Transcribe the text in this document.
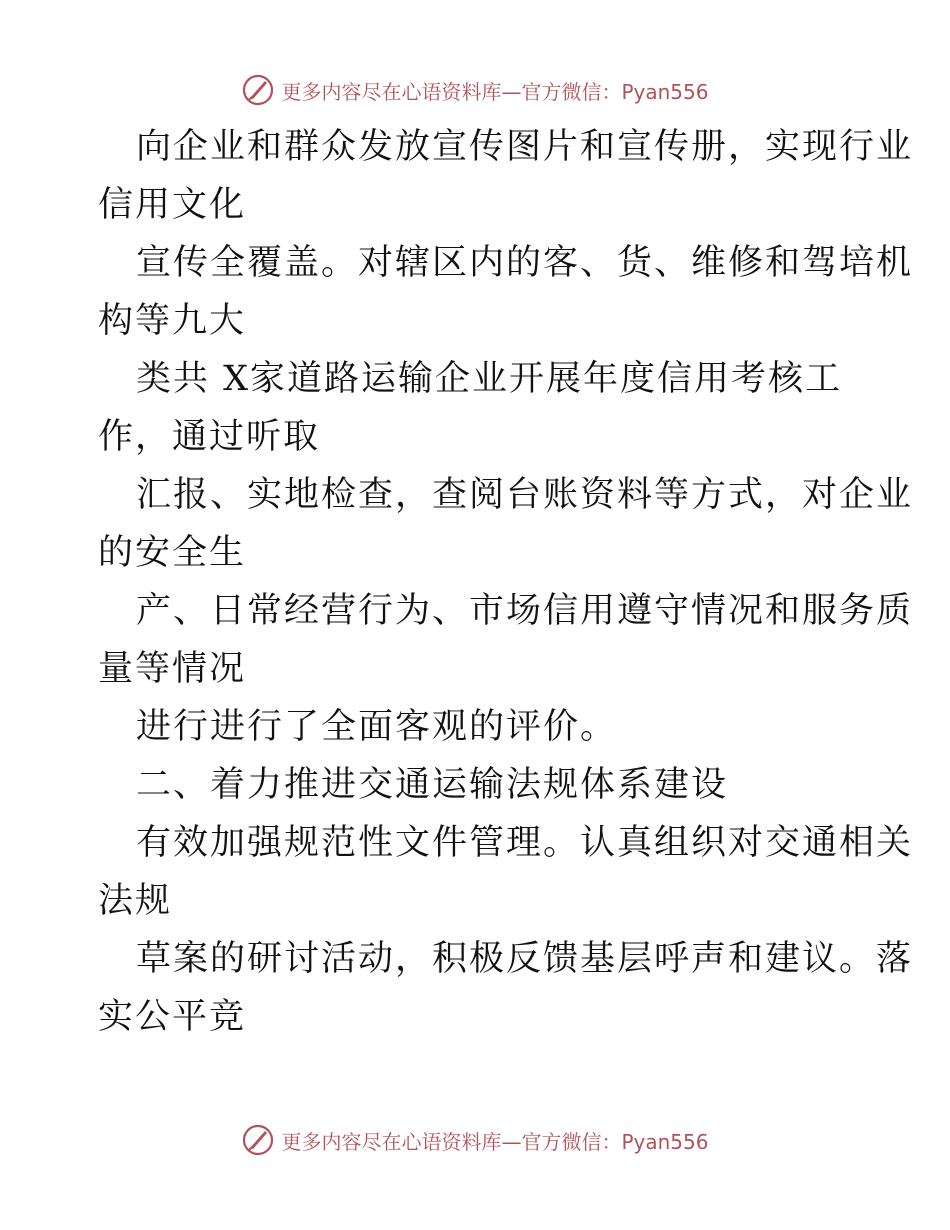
更多内容尽在心语资料库—官方微信：Pyan556
向企业和群众发放宣传图片和宣传册，实现行业
信用文化
宣传全覆盖。对辖区内的客、货、维修和驾培机
构等九大
类共 X家道路运输企业开展年度信用考核工
作，通过听取
汇报、实地检查，查阅台账资料等方式，对企业
的安全生
产、日常经营行为、市场信用遵守情况和服务质
量等情况
进行进行了全面客观的评价。
二、着力推进交通运输法规体系建设
有效加强规范性文件管理。认真组织对交通相关
法规
草案的研讨活动，积极反馈基层呼声和建议。落
实公平竞
更多内容尽在心语资料库—官方微信：Pyan556
